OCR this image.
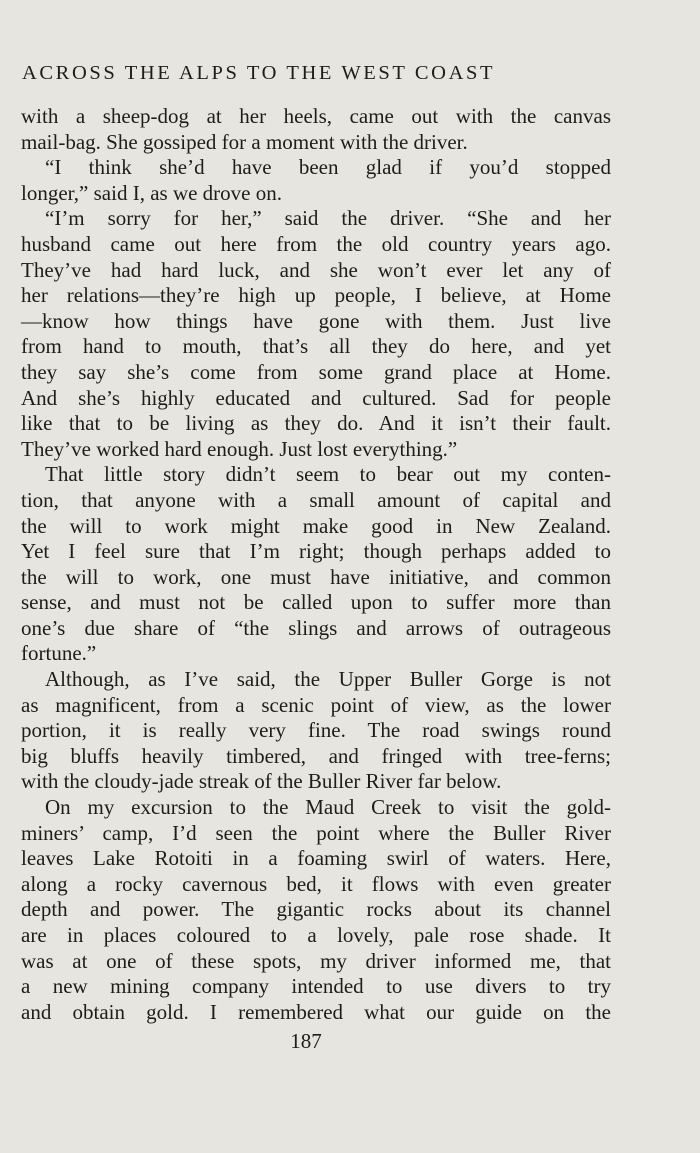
ACROSS THE ALPS TO THE WEST COAST
with a sheep-dog at her heels, came out with the canvas
mail-bag. She gossiped for a moment with the driver.
“I think she’d have been glad if you’d stopped
longer,” said I, as we drove on.
“I’m sorry for her,” said the driver. “She and her
husband came out here from the old country years ago.
They’ve had hard luck, and she won’t ever let any of
her relations—they’re high up people, I believe, at Home
—know how things have gone with them. Just live
from hand to mouth, that’s all they do here, and yet
they say she’s come from some grand place at Home.
And she’s highly educated and cultured. Sad for people
like that to be living as they do. And it isn’t their fault.
They’ve worked hard enough. Just lost everything.”
That little story didn’t seem to bear out my conten-
tion, that anyone with a small amount of capital and
the will to work might make good in New Zealand.
Yet I feel sure that I’m right; though perhaps added to
the will to work, one must have initiative, and common
sense, and must not be called upon to suffer more than
one’s due share of “the slings and arrows of outrageous
fortune.”
Although, as I’ve said, the Upper Buller Gorge is not
as magnificent, from a scenic point of view, as the lower
portion, it is really very fine. The road swings round
big bluffs heavily timbered, and fringed with tree-ferns;
with the cloudy-jade streak of the Buller River far below.
On my excursion to the Maud Creek to visit the gold-
miners’ camp, I’d seen the point where the Buller River
leaves Lake Rotoiti in a foaming swirl of waters. Here,
along a rocky cavernous bed, it flows with even greater
depth and power. The gigantic rocks about its channel
are in places coloured to a lovely, pale rose shade. It
was at one of these spots, my driver informed me, that
a new mining company intended to use divers to try
and obtain gold. I remembered what our guide on the
187
